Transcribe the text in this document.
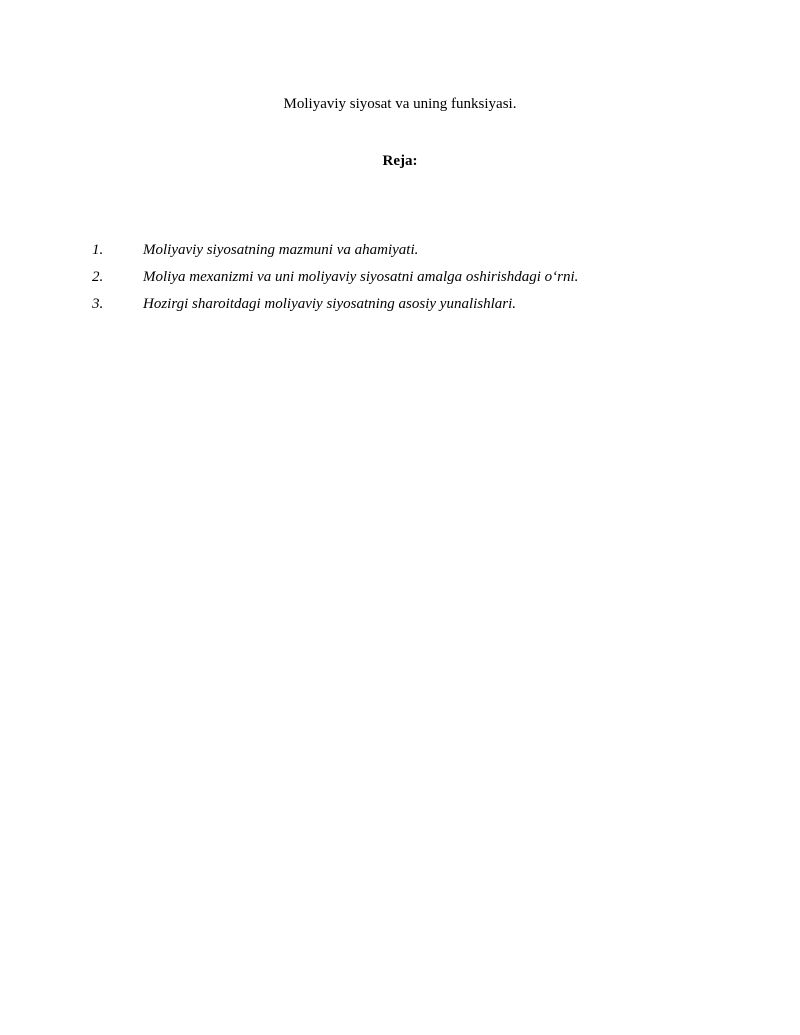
Moliyaviy siyosat va uning funksiyasi.
Reja:
1.	Moliyaviy siyosatning mazmuni va ahamiyati.
2.	Moliya mexanizmi va uni moliyaviy siyosatni amalga oshirishdagi o‘rni.
3.	Hozirgi sharoitdagi moliyaviy siyosatning asosiy yunalishlari.
